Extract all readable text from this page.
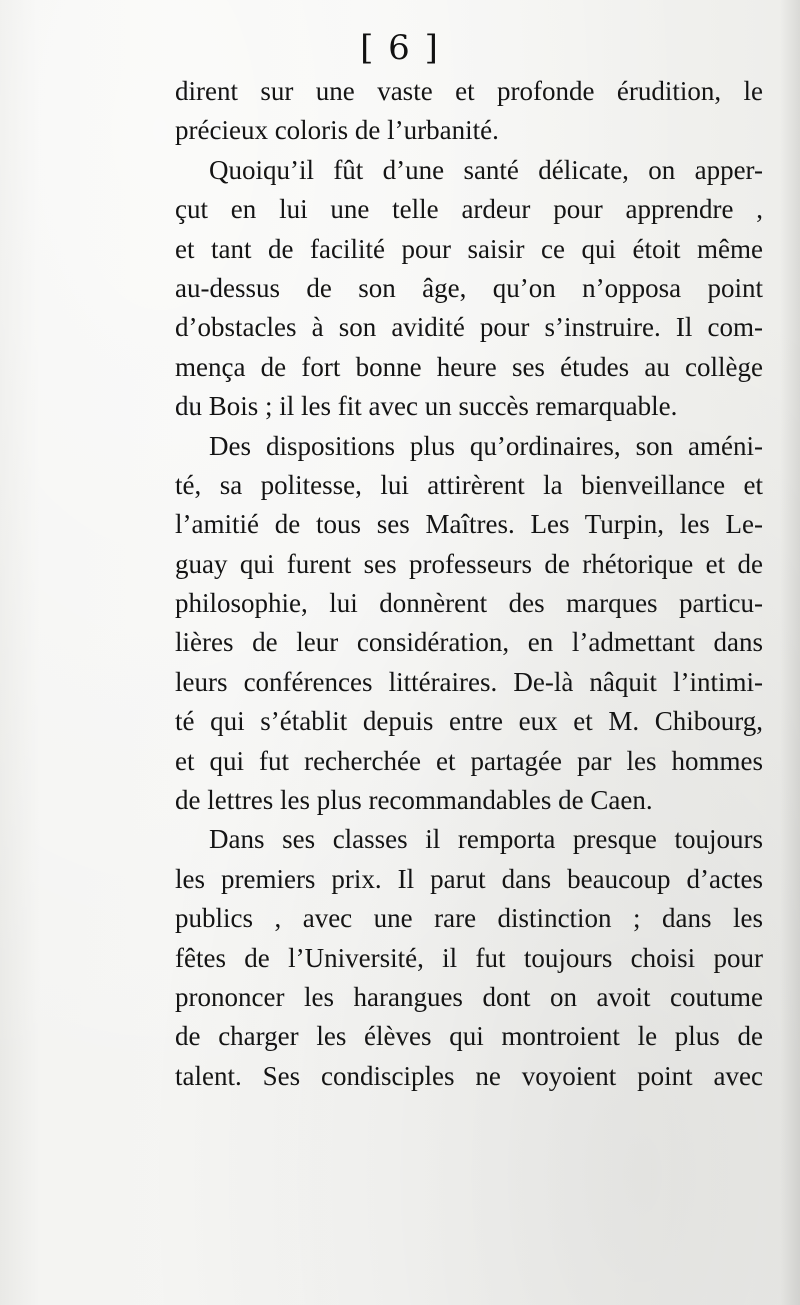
[ 6 ]
dirent sur une vaste et profonde érudition, le
précieux coloris de l’urbanité.
Quoiqu’il fût d’une santé délicate, on apper-
çut en lui une telle ardeur pour apprendre ,
et tant de facilité pour saisir ce qui étoit même
au-dessus de son âge, qu’on n’opposa point
d’obstacles à son avidité pour s’instruire. Il com-
mença de fort bonne heure ses études au collège
du Bois ; il les fit avec un succès remarquable.
Des dispositions plus qu’ordinaires, son améni-
té, sa politesse, lui attirèrent la bienveillance et
l’amitié de tous ses Maîtres. Les Turpin, les Le-
guay qui furent ses professeurs de rhétorique et de
philosophie, lui donnèrent des marques particu-
lières de leur considération, en l’admettant dans
leurs conférences littéraires. De-là nâquit l’intimi-
té qui s’établit depuis entre eux et M. Chibourg,
et qui fut recherchée et partagée par les hommes
de lettres les plus recommandables de Caen.
Dans ses classes il remporta presque toujours
les premiers prix. Il parut dans beaucoup d’actes
publics , avec une rare distinction ; dans les
fêtes de l’Université, il fut toujours choisi pour
prononcer les harangues dont on avoit coutume
de charger les élèves qui montroient le plus de
talent. Ses condisciples ne voyoient point avec
